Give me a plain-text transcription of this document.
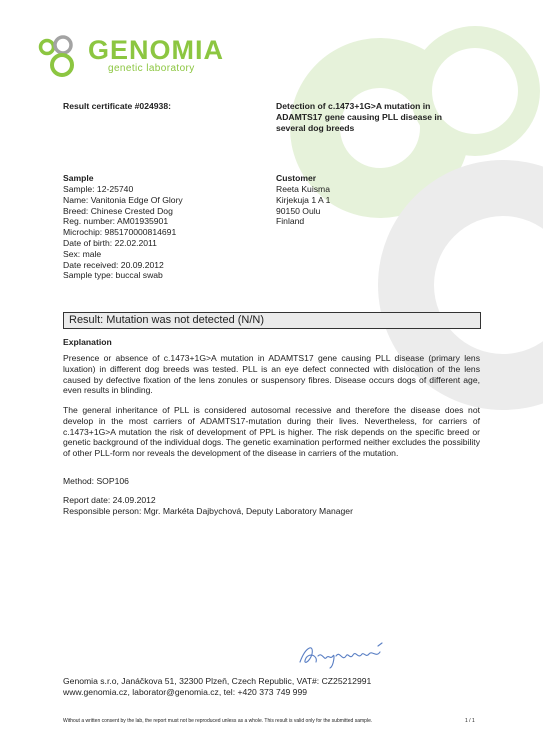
GENOMIA
genetic laboratory
Result certificate #024938:	Detection of c.1473+1G>A mutation in
ADAMTS17 gene causing PLL disease in
several dog breeds
Sample
Sample: 12-25740
Name: Vanitonia Edge Of Glory
Breed: Chinese Crested Dog
Reg. number: AM01935901
Microchip: 985170000814691
Date of birth: 22.02.2011
Sex: male
Date received: 20.09.2012
Sample type: buccal swab
Customer
Reeta Kuisma
Kirjekuja 1 A 1
90150 Oulu
Finland
Result: Mutation was not detected (N/N)
Explanation
Presence or absence of c.1473+1G>A mutation in ADAMTS17 gene causing PLL disease (primary lens luxation) in different dog breeds was tested. PLL is an eye defect connected with dislocation of the lens caused by defective fixation of the lens zonules or suspensory fibres. Disease occurs dogs of different age, even results in blinding.
The general inheritance of PLL is considered autosomal recessive and therefore the disease does not develop in the most carriers of ADAMTS17-mutation during their lives. Nevertheless, for carriers of c.1473+1G>A mutation the risk of development of PPL is higher. The risk depends on the specific breed or genetic background of the individual dogs. The genetic examination performed neither excludes the possibility of other PLL-form nor reveals the development of the disease in carriers of the mutation.
Method: SOP106
Report date: 24.09.2012
Responsible person: Mgr. Markéta Dajbychová, Deputy Laboratory Manager
Genomia s.r.o, Janáčkova 51, 32300 Plzeň, Czech Republic, VAT#: CZ25212991
www.genomia.cz, laborator@genomia.cz, tel: +420 373 749 999
Without a written consent by the lab, the report must not be reproduced unless as a whole. This result is valid only for the submitted sample.	1 / 1
